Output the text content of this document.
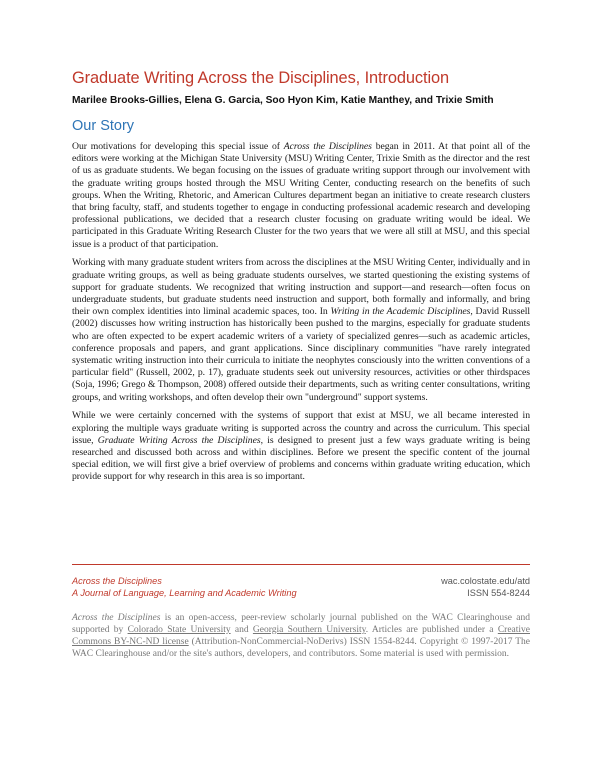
Graduate Writing Across the Disciplines, Introduction
Marilee Brooks-Gillies, Elena G. Garcia, Soo Hyon Kim, Katie Manthey, and Trixie Smith
Our Story

Our motivations for developing this special issue of Across the Disciplines began in 2011. At that point all of the editors were working at the Michigan State University (MSU) Writing Center, Trixie Smith as the director and the rest of us as graduate students. We began focusing on the issues of graduate writing support through our involvement with the graduate writing groups hosted through the MSU Writing Center, conducting research on the benefits of such groups. When the Writing, Rhetoric, and American Cultures department began an initiative to create research clusters that bring faculty, staff, and students together to engage in conducting professional academic research and developing professional publications, we decided that a research cluster focusing on graduate writing would be ideal. We participated in this Graduate Writing Research Cluster for the two years that we were all still at MSU, and this special issue is a product of that participation.

Working with many graduate student writers from across the disciplines at the MSU Writing Center, individually and in graduate writing groups, as well as being graduate students ourselves, we started questioning the existing systems of support for graduate students. We recognized that writing instruction and support—and research—often focus on undergraduate students, but graduate students need instruction and support, both formally and informally, and bring their own complex identities into liminal academic spaces, too. In Writing in the Academic Disciplines, David Russell (2002) discusses how writing instruction has historically been pushed to the margins, especially for graduate students who are often expected to be expert academic writers of a variety of specialized genres—such as academic articles, conference proposals and papers, and grant applications. Since disciplinary communities "have rarely integrated systematic writing instruction into their curricula to initiate the neophytes consciously into the written conventions of a particular field" (Russell, 2002, p. 17), graduate students seek out university resources, activities or other thirdspaces (Soja, 1996; Grego & Thompson, 2008) offered outside their departments, such as writing center consultations, writing groups, and writing workshops, and often develop their own "underground" support systems.

While we were certainly concerned with the systems of support that exist at MSU, we all became interested in exploring the multiple ways graduate writing is supported across the country and across the curriculum. This special issue, Graduate Writing Across the Disciplines, is designed to present just a few ways graduate writing is being researched and discussed both across and within disciplines. Before we present the specific content of the journal special edition, we will first give a brief overview of problems and concerns within graduate writing education, which provide support for why research in this area is so important.

Across the Disciplines
A Journal of Language, Learning and Academic Writing
wac.colostate.edu/atd
ISSN 554-8244
Across the Disciplines is an open-access, peer-review scholarly journal published on the WAC Clearinghouse and supported by Colorado State University and Georgia Southern University. Articles are published under a Creative Commons BY-NC-ND license (Attribution-NonCommercial-NoDerivs) ISSN 1554-8244. Copyright © 1997-2017 The WAC Clearinghouse and/or the site's authors, developers, and contributors. Some material is used with permission.
